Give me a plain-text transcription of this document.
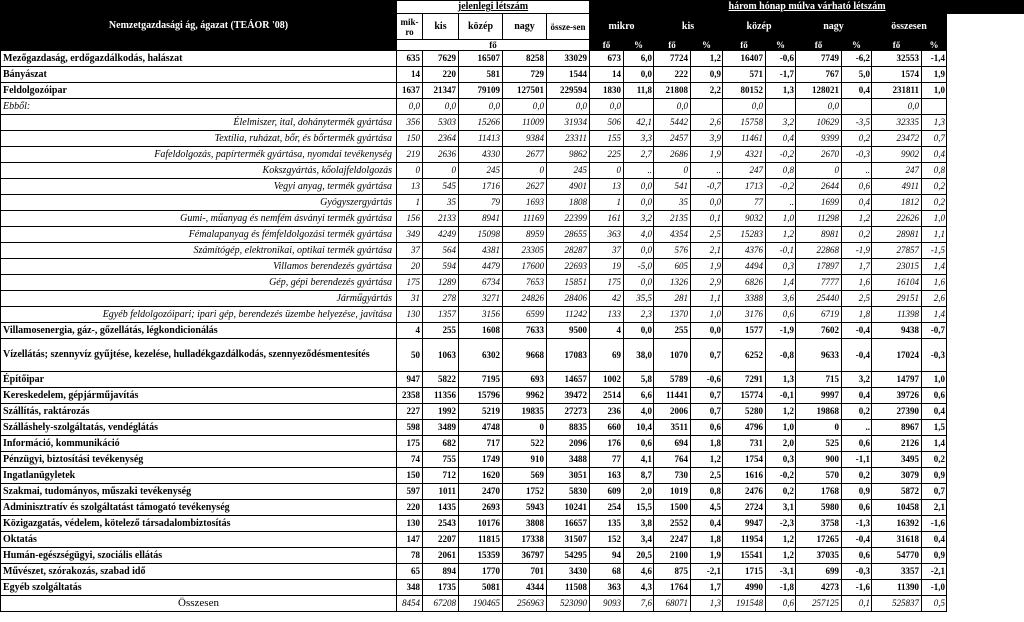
Nemzetgazdasági ág, ágazat (TEÁOR '08)	jelenlegi létszám					három hónap múlva várható létszám									
	mik-ro	kis	közép	nagy	össze-sen	mikro		kis		közép		nagy		összesen	
	fő					fő	%	fő	%	fő	%	fő	%	fő	%
Mezőgazdaság, erdőgazdálkodás, halászat	635	7629	16507	8258	33029	673	6,0	7724	1,2	16407	-0,6	7749	-6,2	32553	-1,4
Bányászat	14	220	581	729	1544	14	0,0	222	0,9	571	-1,7	767	5,0	1574	1,9
Feldolgozóipar	1637	21347	79109	127501	229594	1830	11,8	21808	2,2	80152	1,3	128021	0,4	231811	1,0
Ebből:	0,0	0,0	0,0	0,0	0,0	0,0		0,0		0,0		0,0		0,0	
Élelmiszer, ital, dohánytermék gyártása	356	5303	15266	11009	31934	506	42,1	5442	2,6	15758	3,2	10629	-3,5	32335	1,3
Textília, ruházat, bőr, és bőrtermék gyártása	150	2364	11413	9384	23311	155	3,3	2457	3,9	11461	0,4	9399	0,2	23472	0,7
Fafeldolgozás, papírtermék gyártása, nyomdai tevékenység	219	2636	4330	2677	9862	225	2,7	2686	1,9	4321	-0,2	2670	-0,3	9902	0,4
Kokszgyártás, kőolajfeldolgozás	0	0	245	0	245	0	..	0	..	247	0,8	0	..	247	0,8
Vegyi anyag, termék gyártása	13	545	1716	2627	4901	13	0,0	541	-0,7	1713	-0,2	2644	0,6	4911	0,2
Gyógyszergyártás	1	35	79	1693	1808	1	0,0	35	0,0	77	..	1699	0,4	1812	0,2
Gumi-, műanyag és nemfém ásványi termék gyártása	156	2133	8941	11169	22399	161	3,2	2135	0,1	9032	1,0	11298	1,2	22626	1,0
Fémalapanyag és fémfeldolgozási termék gyártása	349	4249	15098	8959	28655	363	4,0	4354	2,5	15283	1,2	8981	0,2	28981	1,1
Számítógép, elektronikai, optikai termék gyártása	37	564	4381	23305	28287	37	0,0	576	2,1	4376	-0,1	22868	-1,9	27857	-1,5
Villamos berendezés gyártása	20	594	4479	17600	22693	19	-5,0	605	1,9	4494	0,3	17897	1,7	23015	1,4
Gép, gépi berendezés gyártása	175	1289	6734	7653	15851	175	0,0	1326	2,9	6826	1,4	7777	1,6	16104	1,6
Járműgyártás	31	278	3271	24826	28406	42	35,5	281	1,1	3388	3,6	25440	2,5	29151	2,6
Egyéb feldolgozóipari; ipari gép, berendezés üzembe helyezése, javítása	130	1357	3156	6599	11242	133	2,3	1370	1,0	3176	0,6	6719	1,8	11398	1,4
Villamosenergia, gáz-, gőzellátás, légkondicionálás	4	255	1608	7633	9500	4	0,0	255	0,0	1577	-1,9	7602	-0,4	9438	-0,7
Vízellátás; szennyvíz gyűjtése, kezelése, hulladékgazdálkodás, szennyeződésmentesítés	50	1063	6302	9668	17083	69	38,0	1070	0,7	6252	-0,8	9633	-0,4	17024	-0,3
Építőipar	947	5822	7195	693	14657	1002	5,8	5789	-0,6	7291	1,3	715	3,2	14797	1,0
Kereskedelem, gépjárműjavítás	2358	11356	15796	9962	39472	2514	6,6	11441	0,7	15774	-0,1	9997	0,4	39726	0,6
Szállítás, raktározás	227	1992	5219	19835	27273	236	4,0	2006	0,7	5280	1,2	19868	0,2	27390	0,4
Szálláshely-szolgáltatás, vendéglátás	598	3489	4748	0	8835	660	10,4	3511	0,6	4796	1,0	0	..	8967	1,5
Információ, kommunikáció	175	682	717	522	2096	176	0,6	694	1,8	731	2,0	525	0,6	2126	1,4
Pénzügyi, biztosítási tevékenység	74	755	1749	910	3488	77	4,1	764	1,2	1754	0,3	900	-1,1	3495	0,2
Ingatlanügyletek	150	712	1620	569	3051	163	8,7	730	2,5	1616	-0,2	570	0,2	3079	0,9
Szakmai, tudományos, műszaki tevékenység	597	1011	2470	1752	5830	609	2,0	1019	0,8	2476	0,2	1768	0,9	5872	0,7
Adminisztratív és szolgáltatást támogató tevékenység	220	1435	2693	5943	10241	254	15,5	1500	4,5	2724	3,1	5980	0,6	10458	2,1
Közigazgatás, védelem, kötelező társadalombiztosítás	130	2543	10176	3808	16657	135	3,8	2552	0,4	9947	-2,3	3758	-1,3	16392	-1,6
Oktatás	147	2207	11815	17338	31507	152	3,4	2247	1,8	11954	1,2	17265	-0,4	31618	0,4
Humán-egészségügyi, szociális ellátás	78	2061	15359	36797	54295	94	20,5	2100	1,9	15541	1,2	37035	0,6	54770	0,9
Művészet, szórakozás, szabad idő	65	894	1770	701	3430	68	4,6	875	-2,1	1715	-3,1	699	-0,3	3357	-2,1
Egyéb szolgáltatás	348	1735	5081	4344	11508	363	4,3	1764	1,7	4990	-1,8	4273	-1,6	11390	-1,0
Összesen	8454	67208	190465	256963	523090	9093	7,6	68071	1,3	191548	0,6	257125	0,1	525837	0,5
